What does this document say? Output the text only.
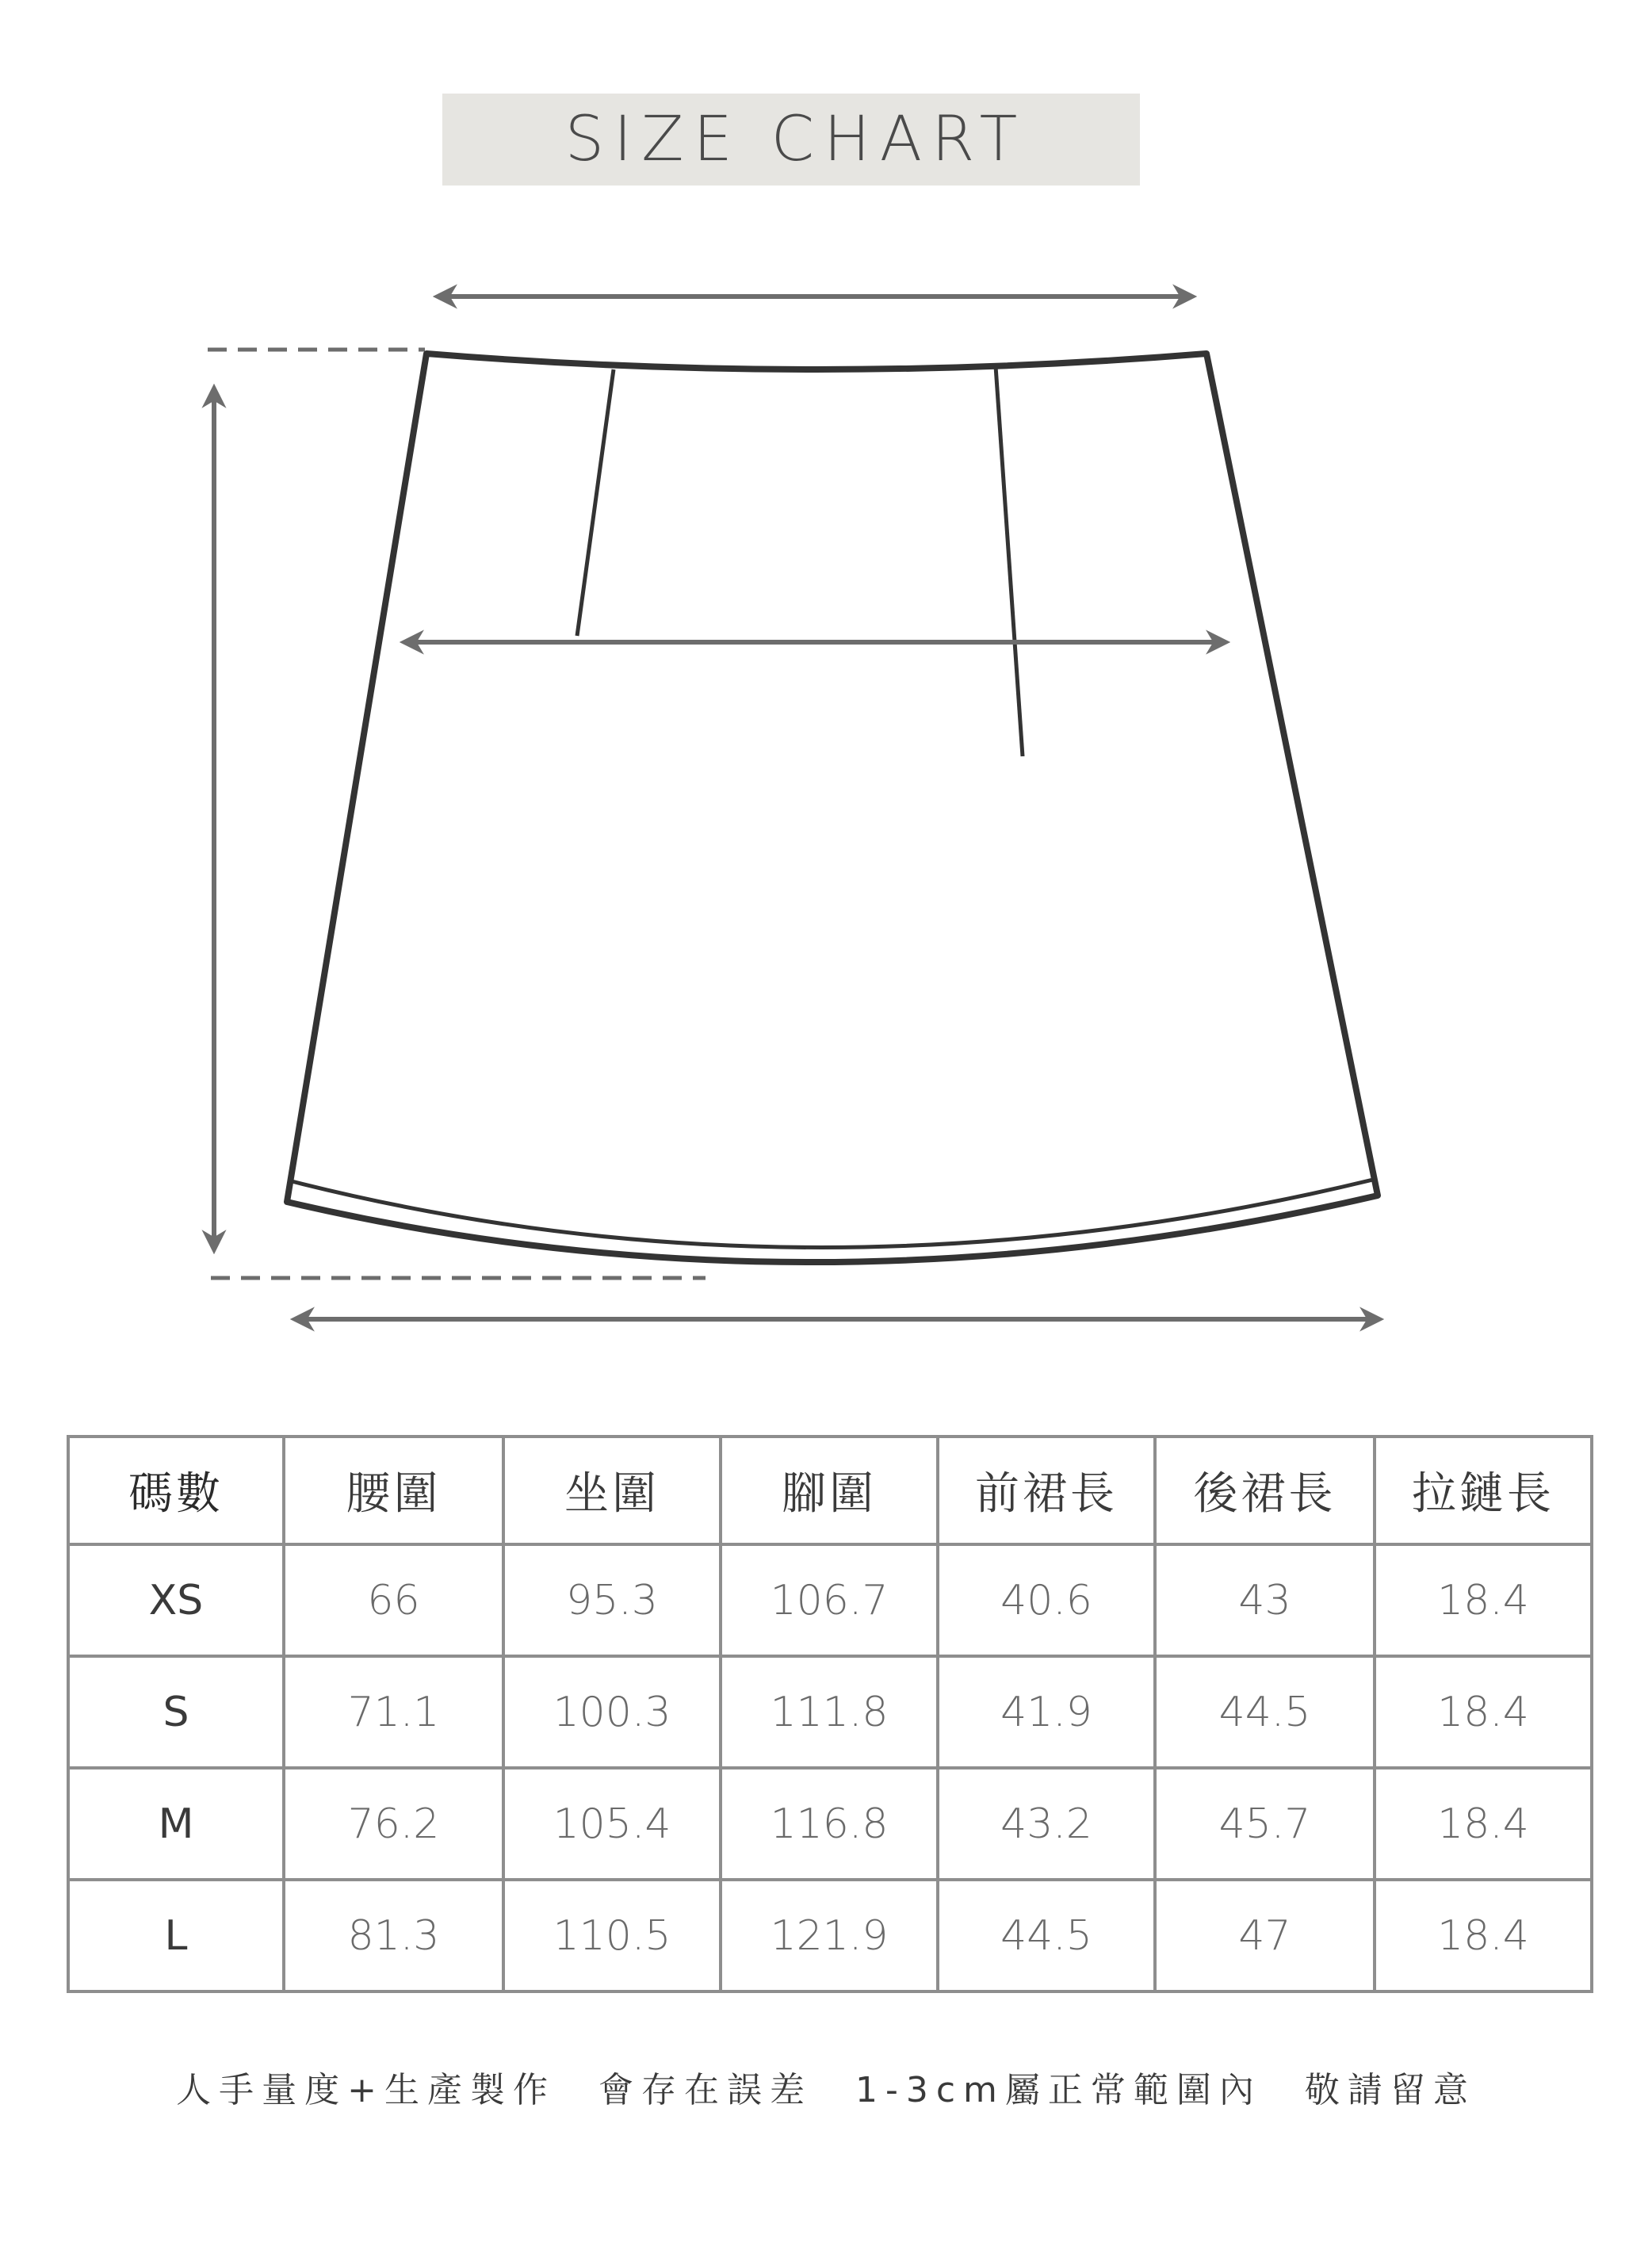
SIZE CHART
碼數	腰圍	坐圍	腳圍	前裙長	後裙長	拉鏈長
XS	66	95.3	106.7	40.6	43	18.4
S	71.1	100.3	111.8	41.9	44.5	18.4
M	76.2	105.4	116.8	43.2	45.7	18.4
L	81.3	110.5	121.9	44.5	47	18.4
人手量度+生產製作　會存在誤差　1-3cm屬正常範圍內　敬請留意
